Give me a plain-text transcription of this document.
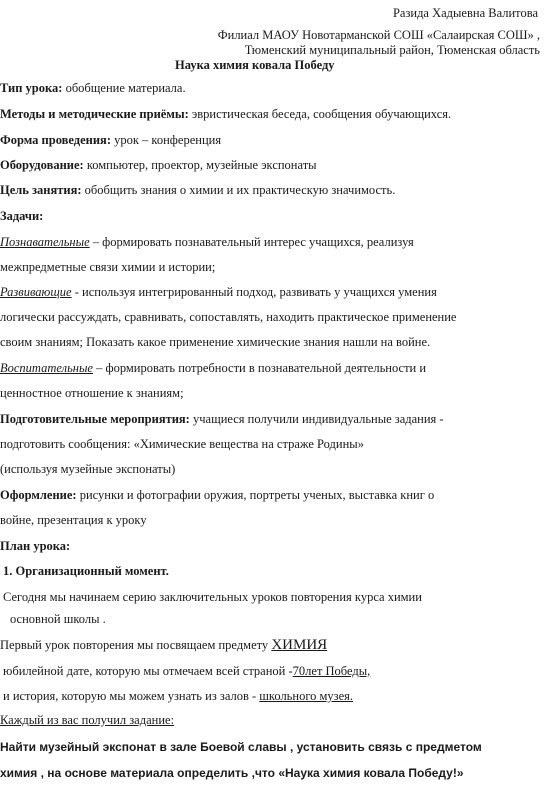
Разида Хадыевна Валитова
Филиал МАОУ Новотарманской СОШ «Салаирская СОШ» ,
Тюменский муниципальный район, Тюменская область
Наука химия ковала Победу
Тип урока: обобщение материала.
Методы и методические приёмы: эвристическая беседа, сообщения обучающихся.
Форма проведения: урок – конференция
Оборудование: компьютер, проектор, музейные экспонаты
Цель занятия: обобщить знания о химии и их практическую значимость.
Задачи:
Познавательные – формировать познавательный интерес учащихся, реализуя
межпредметные связи химии и истории;
Развивающие - используя интегрированный подход, развивать у учащихся умения
логически рассуждать, сравнивать, сопоставлять, находить практическое применение
своим знаниям; Показать какое применение химические знания нашли на войне.
Воспитательные – формировать потребности в познавательной деятельности и
ценностное отношение к знаниям;
Подготовительные мероприятия: учащиеся получили индивидуальные задания -
подготовить сообщения: «Химические вещества на страже Родины»
(используя музейные экспонаты)
Оформление: рисунки и фотографии оружия, портреты ученых, выставка книг о
войне, презентация к уроку
План урока:
1. Организационный момент.
Сегодня мы начинаем серию заключительных уроков повторения курса химии
основной школы .
Первый урок повторения мы посвящаем предмету ХИМИЯ
юбилейной дате, которую мы отмечаем всей страной -70лет Победы,
и история, которую мы можем узнать из залов - школьного музея.
Каждый из вас получил задание:
Найти музейный экспонат в зале Боевой славы , установить связь с предметом
химия , на основе материала определить ,что «Наука химия ковала Победу!»
